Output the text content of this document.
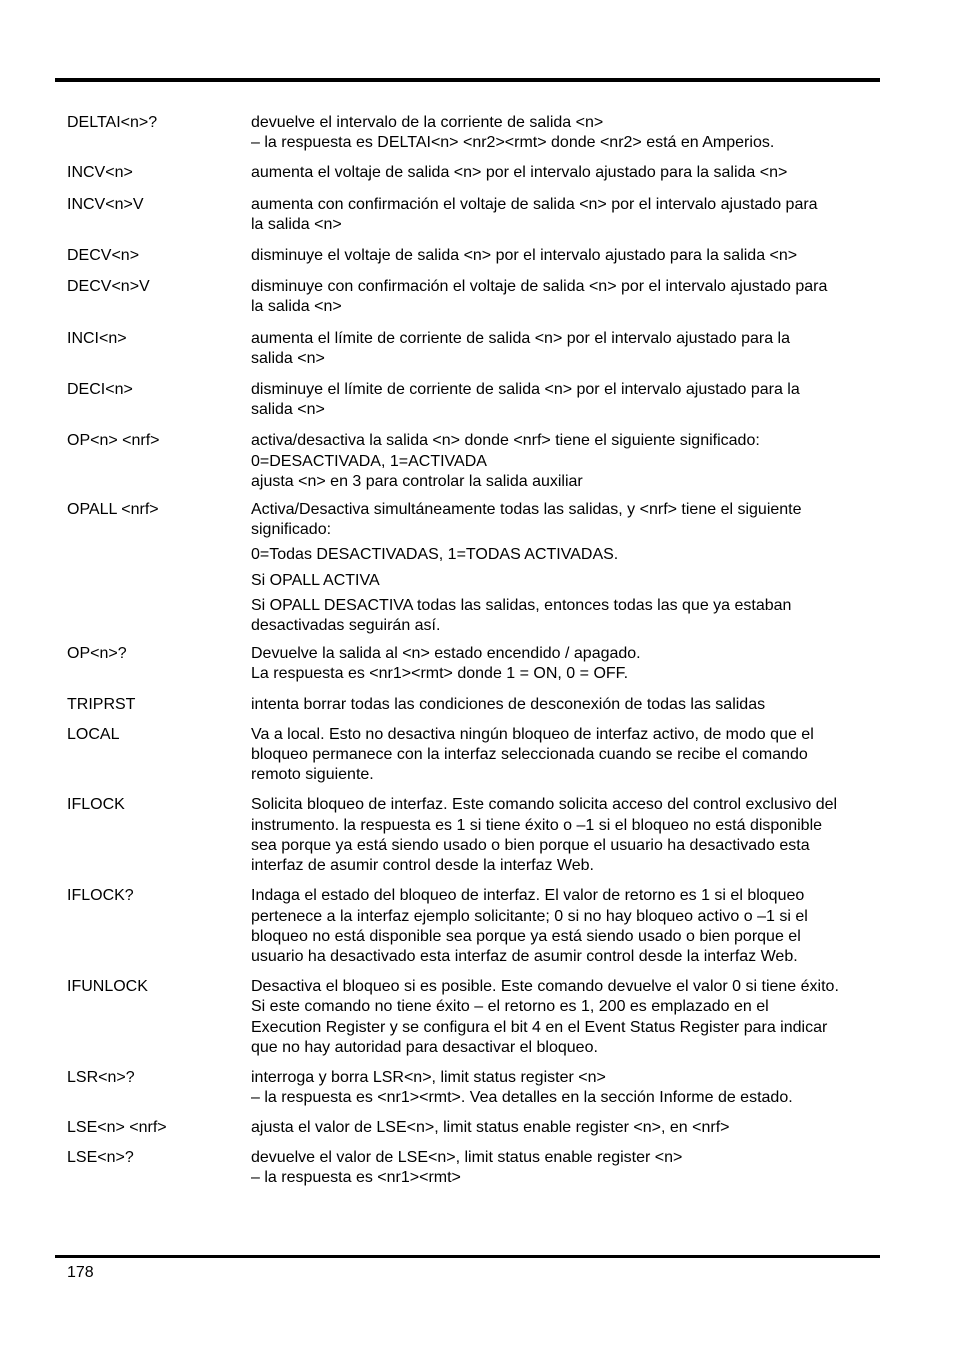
DELTAI<n>?	devuelve el intervalo de la corriente de salida <n>
– la respuesta es DELTAI<n> <nr2><rmt> donde <nr2> está en Amperios.
INCV<n>	aumenta el voltaje de salida <n> por el intervalo ajustado para la salida <n>
INCV<n>V	aumenta con confirmación el voltaje de salida <n> por el intervalo ajustado para
la salida <n>
DECV<n>	disminuye el voltaje de salida <n> por el intervalo ajustado para la salida <n>
DECV<n>V	disminuye con confirmación el voltaje de salida <n> por el intervalo ajustado para
la salida <n>
INCI<n>	aumenta el límite de corriente de salida <n> por el intervalo ajustado para la
salida <n>
DECI<n>	disminuye el límite de corriente de salida <n> por el intervalo ajustado para la
salida <n>
OP<n> <nrf>	activa/desactiva la salida <n> donde <nrf> tiene el siguiente significado:
0=DESACTIVADA, 1=ACTIVADA
ajusta <n> en 3 para controlar la salida auxiliar
OPALL <nrf>	Activa/Desactiva simultáneamente todas las salidas, y <nrf> tiene el siguiente
significado:
0=Todas DESACTIVADAS, 1=TODAS ACTIVADAS.
Si OPALL ACTIVA
Si OPALL DESACTIVA todas las salidas, entonces todas las que ya estaban
desactivadas seguirán así.
OP<n>?	Devuelve la salida al <n> estado encendido / apagado.
La respuesta es <nr1><rmt> donde 1 = ON, 0 = OFF.
TRIPRST	intenta borrar todas las condiciones de desconexión de todas las salidas
LOCAL	Va a local. Esto no desactiva ningún bloqueo de interfaz activo, de modo que el
bloqueo permanece con la interfaz seleccionada cuando se recibe el comando
remoto siguiente.
IFLOCK	Solicita bloqueo de interfaz. Este comando solicita acceso del control exclusivo del
instrumento. la respuesta es 1 si tiene éxito o –1 si el bloqueo no está disponible
sea porque ya está siendo usado o bien porque el usuario ha desactivado esta
interfaz de asumir control desde la interfaz Web.
IFLOCK?	Indaga el estado del bloqueo de interfaz. El valor de retorno es 1 si el bloqueo
pertenece a la interfaz ejemplo solicitante; 0 si no hay bloqueo activo o –1 si el
bloqueo no está disponible sea porque ya está siendo usado o bien porque el
usuario ha desactivado esta interfaz de asumir control desde la interfaz Web.
IFUNLOCK	Desactiva el bloqueo si es posible. Este comando devuelve el valor 0 si tiene éxito.
Si este comando no tiene éxito – el retorno es 1, 200 es emplazado en el
Execution Register y se configura el bit 4 en el Event Status Register para indicar
que no hay autoridad para desactivar el bloqueo.
LSR<n>?	interroga y borra LSR<n>, limit status register <n>
– la respuesta es <nr1><rmt>. Vea detalles en la sección Informe de estado.
LSE<n> <nrf>	ajusta el valor de LSE<n>, limit status enable register <n>, en <nrf>
LSE<n>?	devuelve el valor de LSE<n>, limit status enable register <n>
– la respuesta es <nr1><rmt>
178
